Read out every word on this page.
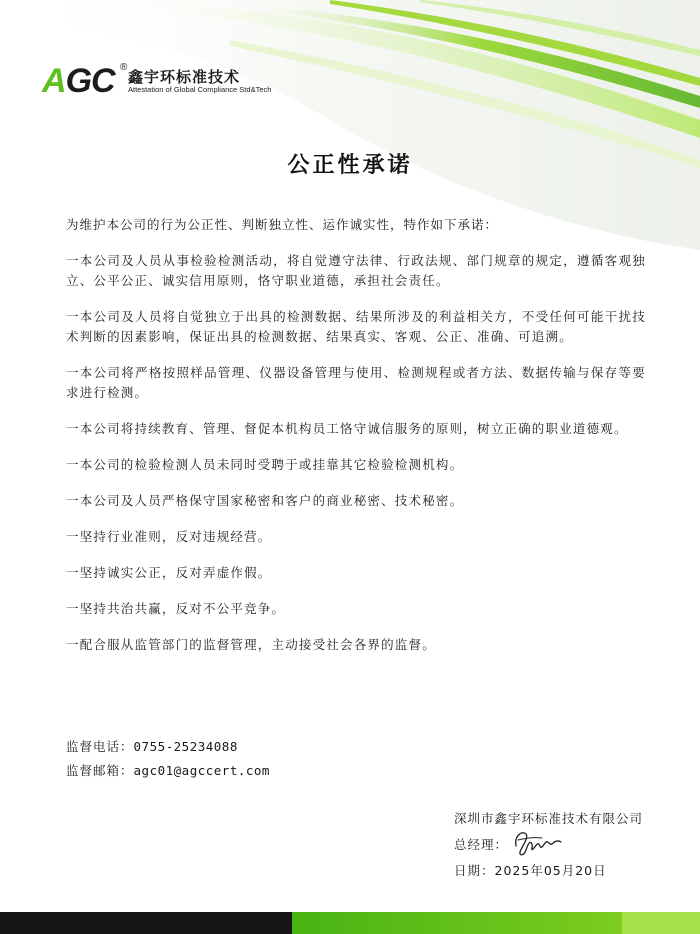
AGC ®
鑫宇环标准技术
Attestation of Global Compliance Std&Tech
公正性承诺

为维护本公司的行为公正性、判断独立性、运作诚实性，特作如下承诺：

一本公司及人员从事检验检测活动，将自觉遵守法律、行政法规、部门规章的规定，遵循客观独立、公平公正、诚实信用原则，恪守职业道德，承担社会责任。

一本公司及人员将自觉独立于出具的检测数据、结果所涉及的利益相关方，不受任何可能干扰技术判断的因素影响，保证出具的检测数据、结果真实、客观、公正、准确、可追溯。

一本公司将严格按照样品管理、仪器设备管理与使用、检测规程或者方法、数据传输与保存等要求进行检测。

一本公司将持续教育、管理、督促本机构员工恪守诚信服务的原则，树立正确的职业道德观。

一本公司的检验检测人员未同时受聘于或挂靠其它检验检测机构。

一本公司及人员严格保守国家秘密和客户的商业秘密、技术秘密。

一坚持行业准则，反对违规经营。

一坚持诚实公正，反对弄虚作假。

一坚持共治共赢，反对不公平竞争。

一配合服从监管部门的监督管理，主动接受社会各界的监督。

监督电话：0755-25234088
监督邮箱：agc01@agccert.com
深圳市鑫宇环标准技术有限公司
总经理：
日期：2025年05月20日
